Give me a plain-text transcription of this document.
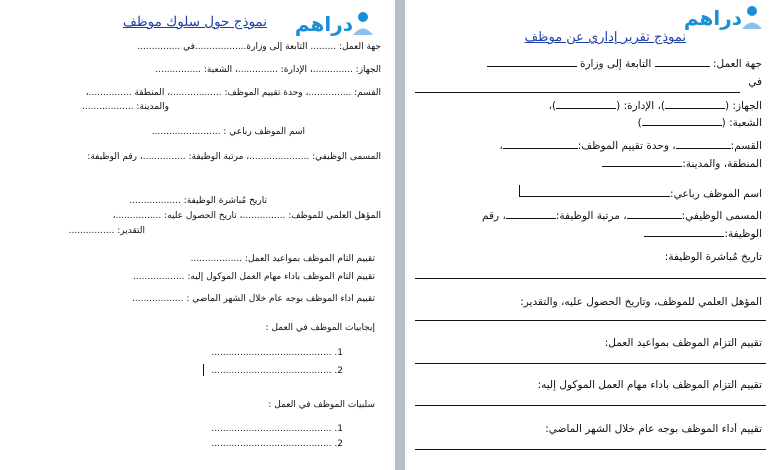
دراهم
نموذج حول سلوك موظف
جهة العمل: ......... التابعة إلى وزارة..................في ...............
الجهاز: ..............، الإدارة: ..............، الشعبة: ................
القسم: ...............، وحدة تقييم الموظف: ..................، المنطقة ...............،
والمدينة: ..................
اسم الموظف رباعي : ........................
المسمى الوظيفي: .....................، مرتبة الوظيفة: ...............، رقم الوظيفة:
تاريخ مُباشرة الوظيفة: ..................
المؤهل العلمي للموظف: ...............، تاريخ الحصول عليه: ................،
التقدير: ................
تقييم التام الموظف بمواعيد العمل: ..................
تقييم التام الموظف بأداء مهام العمل الموكول إليه: ..................
تقييم أداء الموظف بوجه عام خلال الشهر الماضي : ..................
إيجابيات الموظف في العمل :
1. ..........................................
2. ..........................................
سلبيات الموظف في العمل :
1. ..........................................
2. ..........................................
دراهم
نموذج تقرير إداري عن موظف
جهة العمل:  التابعة إلى وزارة
في
الجهاز: ()، الإدارة: ()،
الشعبة: ()
القسم:، وحدة تقييم الموظف:،
المنطقة، والمدينة:
اسم الموظف رباعي:
المسمى الوظيفي:، مرتبة الوظيفة:، رقم
الوظيفة:
تاريخ مُباشرة الوظيفة:
المؤهل العلمي للموظف، وتاريخ الحصول عليه، والتقدير:
تقييم التزام الموظف بمواعيد العمل:
تقييم التزام الموظف بأداء مهام العمل الموكول إليه:
تقييم أداء الموظف بوجه عام خلال الشهر الماضي:
